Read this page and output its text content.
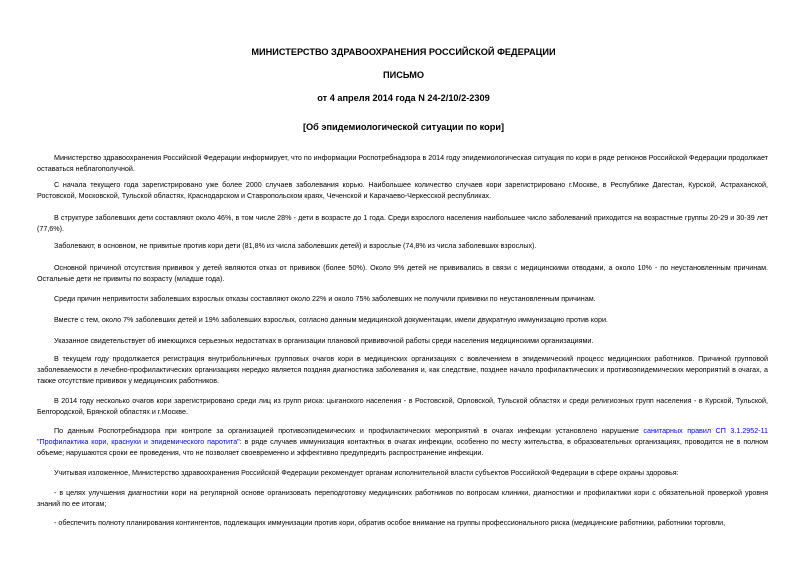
МИНИСТЕРСТВО ЗДРАВООХРАНЕНИЯ РОССИЙСКОЙ ФЕДЕРАЦИИ
ПИСЬМО
от 4 апреля 2014 года N 24-2/10/2-2309
[Об эпидемиологической ситуации по кори]
Министерство здравоохранения Российской Федерации информирует, что по информации Роспотребнадзора в 2014 году эпидемиологическая ситуация по кори в ряде регионов Российской Федерации продолжает оставаться неблагополучной.
С начала текущего года зарегистрировано уже более 2000 случаев заболевания корью. Наибольшее количество случаев кори зарегистрировано г.Москве, в Республике Дагестан, Курской, Астраханской, Ростовской, Московской, Тульской областях, Краснодарском и Ставропольском краях, Чеченской и Карачаево-Черкесской республиках.
В структуре заболевших дети составляют около 46%, в том числе 28% - дети в возрасте до 1 года. Среди взрослого населения наибольшее число заболеваний приходится на возрастные группы 20-29 и 30-39 лет (77,6%).
Заболевают, в основном, не привитые против кори дети (81,8% из числа заболевших детей) и взрослые (74,8% из числа заболевших взрослых).
Основной причиной отсутствия прививок у детей являются отказ от прививок (более 50%). Около 9% детей не прививались в связи с медицинскими отводами, а около 10% - по неустановленным причинам. Остальные дети не привиты по возрасту (младше года).
Среди причин непривитости заболевших взрослых отказы составляют около 22% и около 75% заболевших не получили прививки по неустановленным причинам.
Вместе с тем, около 7% заболевших детей и 19% заболевших взрослых, согласно данным медицинской документации, имели двукратную иммунизацию против кори.
Указанное свидетельствует об имеющихся серьезных недостатках в организации плановой прививочной работы среди населения медицинскими организациями.
В текущем году продолжается регистрация внутрибольничных групповых очагов кори в медицинских организациях с вовлечением в эпидемический процесс медицинских работников. Причиной групповой заболеваемости в лечебно-профилактических организациях нередко является поздняя диагностика заболевания и, как следствие, позднее начало профилактических и противоэпидемических мероприятий в очагах, а также отсутствие прививок у медицинских работников.
В 2014 году несколько очагов кори зарегистрировано среди лиц из групп риска: цыганского населения - в Ростовской, Орловской, Тульской областях и среди религиозных групп населения - в Курской, Тульской, Белгородской, Брянской областях и г.Москве.
По данным Роспотребнадзора при контроле за организацией противоэпидемических и профилактических мероприятий в очагах инфекции установлено нарушение санитарных правил СП 3.1.2952-11 "Профилактика кори, краснухи и эпидемического паротита": в ряде случаев иммунизация контактных в очагах инфекции, особенно по месту жительства, в образовательных организациях, проводится не в полном объеме; нарушаются сроки ее проведения, что не позволяет своевременно и эффективно предупредить распространение инфекции.
Учитывая изложенное, Министерство здравоохранения Российской Федерации рекомендует органам исполнительной власти субъектов Российской Федерации в сфере охраны здоровья:
- в целях улучшения диагностики кори на регулярной основе организовать переподготовку медицинских работников по вопросам клиники, диагностики и профилактики кори с обязательной проверкой уровня знаний по ее итогам;
- обеспечить полноту планирования контингентов, подлежащих иммунизации против кори, обратив особое внимание на группы профессионального риска (медицинские работники, работники торговли,
